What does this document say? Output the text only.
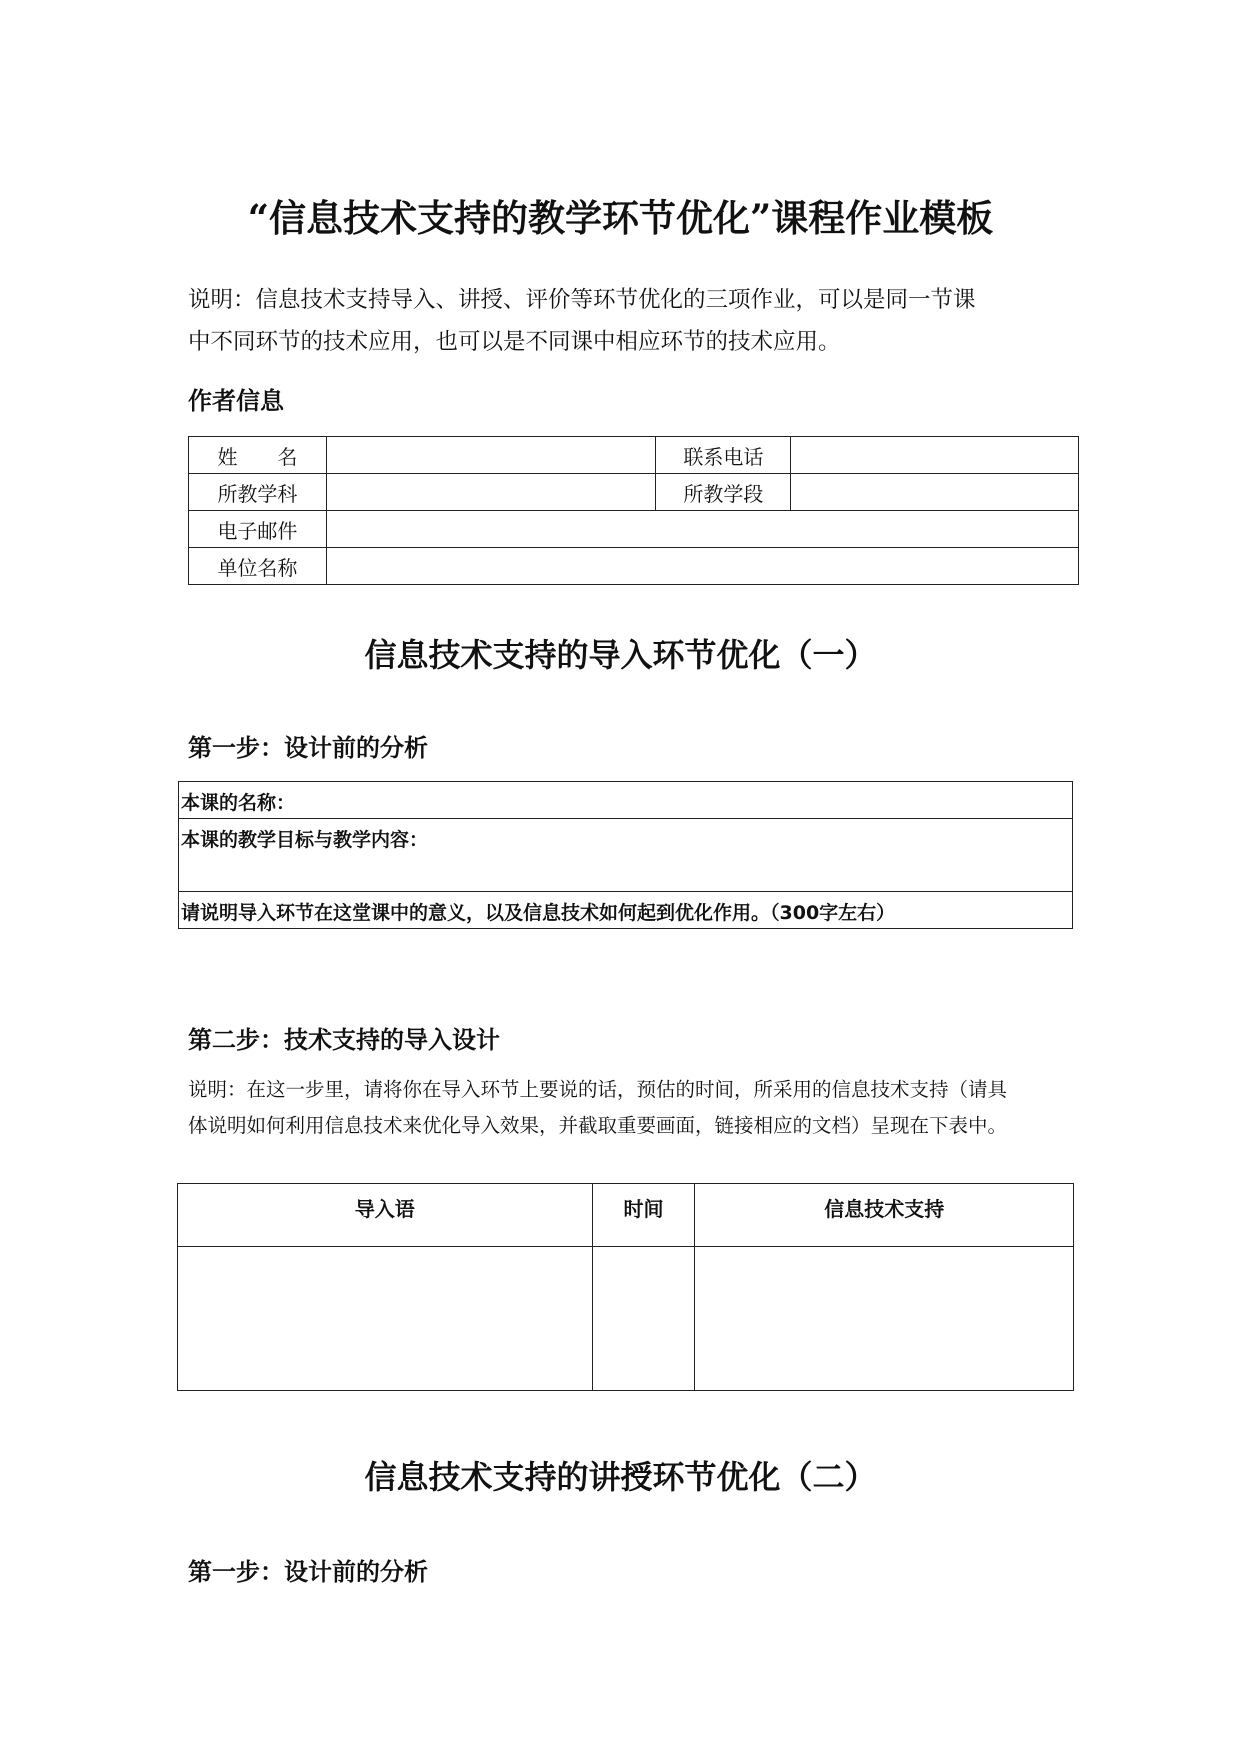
“信息技术支持的教学环节优化”课程作业模板
说明：信息技术支持导入、讲授、评价等环节优化的三项作业，可以是同一节课
中不同环节的技术应用，也可以是不同课中相应环节的技术应用。
作者信息
姓　　名		联系电话	
所教学科		所教学段	
电子邮件			
单位名称			
信息技术支持的导入环节优化（一）
第一步：设计前的分析
本课的名称：
本课的教学目标与教学内容：
请说明导入环节在这堂课中的意义，以及信息技术如何起到优化作用。（300字左右）
第二步：技术支持的导入设计
说明：在这一步里，请将你在导入环节上要说的话，预估的时间，所采用的信息技术支持（请具
体说明如何利用信息技术来优化导入效果，并截取重要画面，链接相应的文档）呈现在下表中。
导入语	时间	信息技术支持

信息技术支持的讲授环节优化（二）
第一步：设计前的分析
